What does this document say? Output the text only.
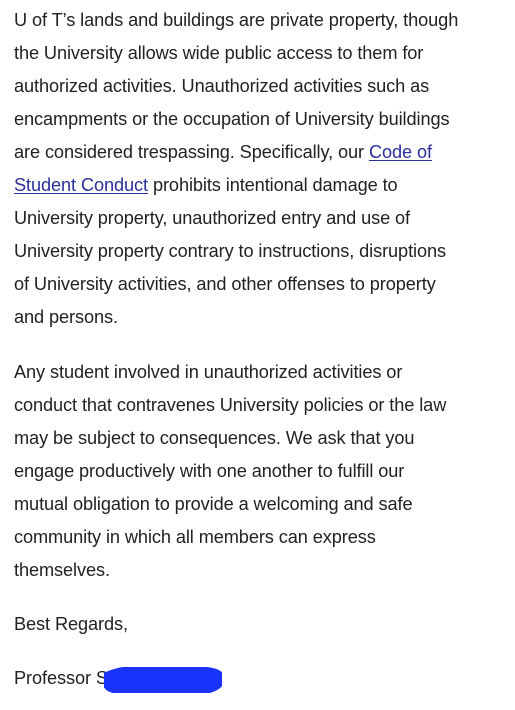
U of T’s lands and buildings are private property, though
the University allows wide public access to them for
authorized activities. Unauthorized activities such as
encampments or the occupation of University buildings
are considered trespassing. Specifically, our Code of
Student Conduct prohibits intentional damage to
University property, unauthorized entry and use of
University property contrary to instructions, disruptions
of University activities, and other offenses to property
and persons.

Any student involved in unauthorized activities or
conduct that contravenes University policies or the law
may be subject to consequences. We ask that you
engage productively with one another to fulfill our
mutual obligation to provide a welcoming and safe
community in which all members can express
themselves.

Best Regards,

Professor S
